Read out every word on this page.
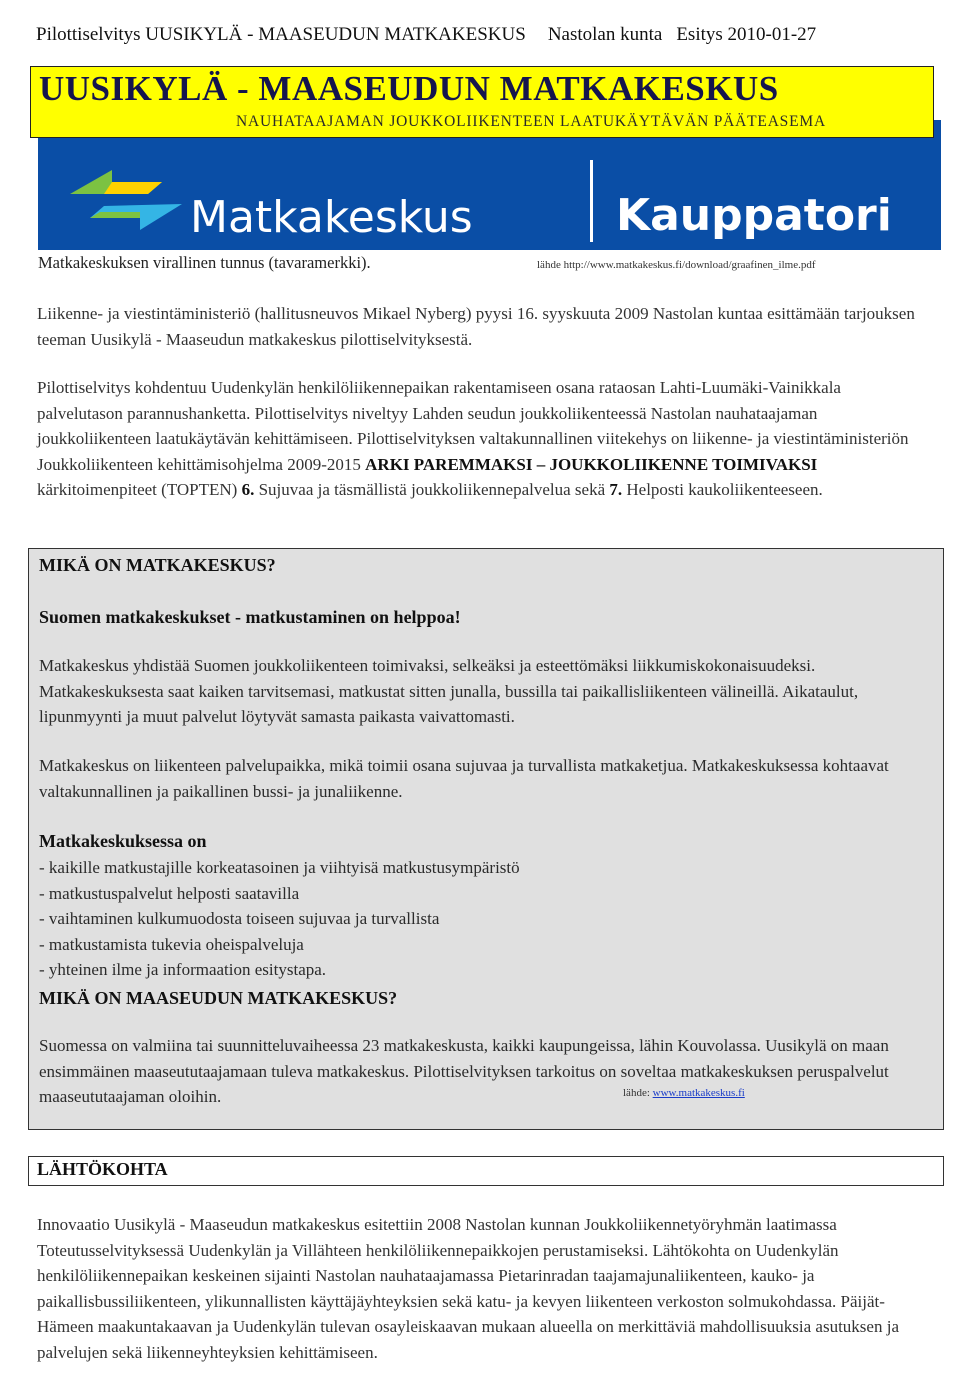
Pilottiselvitys UUSIKYLÄ - MAASEUDUN MATKAKESKUS Nastolan kunta Esitys 2010-01-27
Matkakeskus	Kauppatori
UUSIKYLÄ - MAASEUDUN MATKAKESKUS
NAUHATAAJAMAN JOUKKOLIIKENTEEN LAATUKÄYTÄVÄN PÄÄTEASEMA
Matkakeskuksen virallinen tunnus (tavaramerkki).	lähde http://www.matkakeskus.fi/download/graafinen_ilme.pdf
Liikenne- ja viestintäministeriö (hallitusneuvos Mikael Nyberg) pyysi 16. syyskuuta 2009 Nastolan kuntaa esittämään tarjouksen teeman Uusikylä - Maaseudun matkakeskus pilottiselvityksestä.
Pilottiselvitys kohdentuu Uudenkylän henkilöliikennepaikan rakentamiseen osana rataosan Lahti-Luumäki-Vainikkala palvelutason parannushanketta. Pilottiselvitys niveltyy Lahden seudun joukkoliikenteessä Nastolan nauhataajaman joukkoliikenteen laatukäytävän kehittämiseen. Pilottiselvityksen valtakunnallinen viitekehys on liikenne- ja viestintäministeriön Joukkoliikenteen kehittämisohjelma 2009-2015 ARKI PAREMMAKSI – JOUKKOLIIKENNE TOIMIVAKSI kärkitoimenpiteet (TOPTEN) 6. Sujuvaa ja täsmällistä joukkoliikennepalvelua sekä 7. Helposti kaukoliikenteeseen.
MIKÄ ON MATKAKESKUS?
Suomen matkakeskukset - matkustaminen on helppoa!
Matkakeskus yhdistää Suomen joukkoliikenteen toimivaksi, selkeäksi ja esteettömäksi liikkumiskokonaisuudeksi. Matkakeskuksesta saat kaiken tarvitsemasi, matkustat sitten junalla, bussilla tai paikallisliikenteen välineillä. Aikataulut, lipunmyynti ja muut palvelut löytyvät samasta paikasta vaivattomasti.
Matkakeskus on liikenteen palvelupaikka, mikä toimii osana sujuvaa ja turvallista matkaketjua. Matkakeskuksessa kohtaavat valtakunnallinen ja paikallinen bussi- ja junaliikenne.
Matkakeskuksessa on
- kaikille matkustajille korkeatasoinen ja viihtyisä matkustusympäristö
- matkustuspalvelut helposti saatavilla
- vaihtaminen kulkumuodosta toiseen sujuvaa ja turvallista
- matkustamista tukevia oheispalveluja
- yhteinen ilme ja informaation esitystapa.
MIKÄ ON MAASEUDUN MATKAKESKUS?
Suomessa on valmiina tai suunnitteluvaiheessa 23 matkakeskusta, kaikki kaupungeissa, lähin Kouvolassa. Uusikylä on maan ensimmäinen maaseututaajamaan tuleva matkakeskus. Pilottiselvityksen tarkoitus on soveltaa matkakeskuksen peruspalvelut maaseututaajaman oloihin.	lähde: www.matkakeskus.fi
LÄHTÖKOHTA
Innovaatio Uusikylä - Maaseudun matkakeskus esitettiin 2008 Nastolan kunnan Joukkoliikennetyöryhmän laatimassa Toteutusselvityksessä Uudenkylän ja Villähteen henkilöliikennepaikkojen perustamiseksi. Lähtökohta on Uudenkylän henkilöliikennepaikan keskeinen sijainti Nastolan nauhataajamassa Pietarinradan taajamajunaliikenteen, kauko- ja paikallisbussiliikenteen, ylikunnallisten käyttäjäyhteyksien sekä katu- ja kevyen liikenteen verkoston solmukohdassa. Päijät-Hämeen maakuntakaavan ja Uudenkylän tulevan osayleiskaavan mukaan alueella on merkittäviä mahdollisuuksia asutuksen ja palvelujen sekä liikenneyhteyksien kehittämiseen.
